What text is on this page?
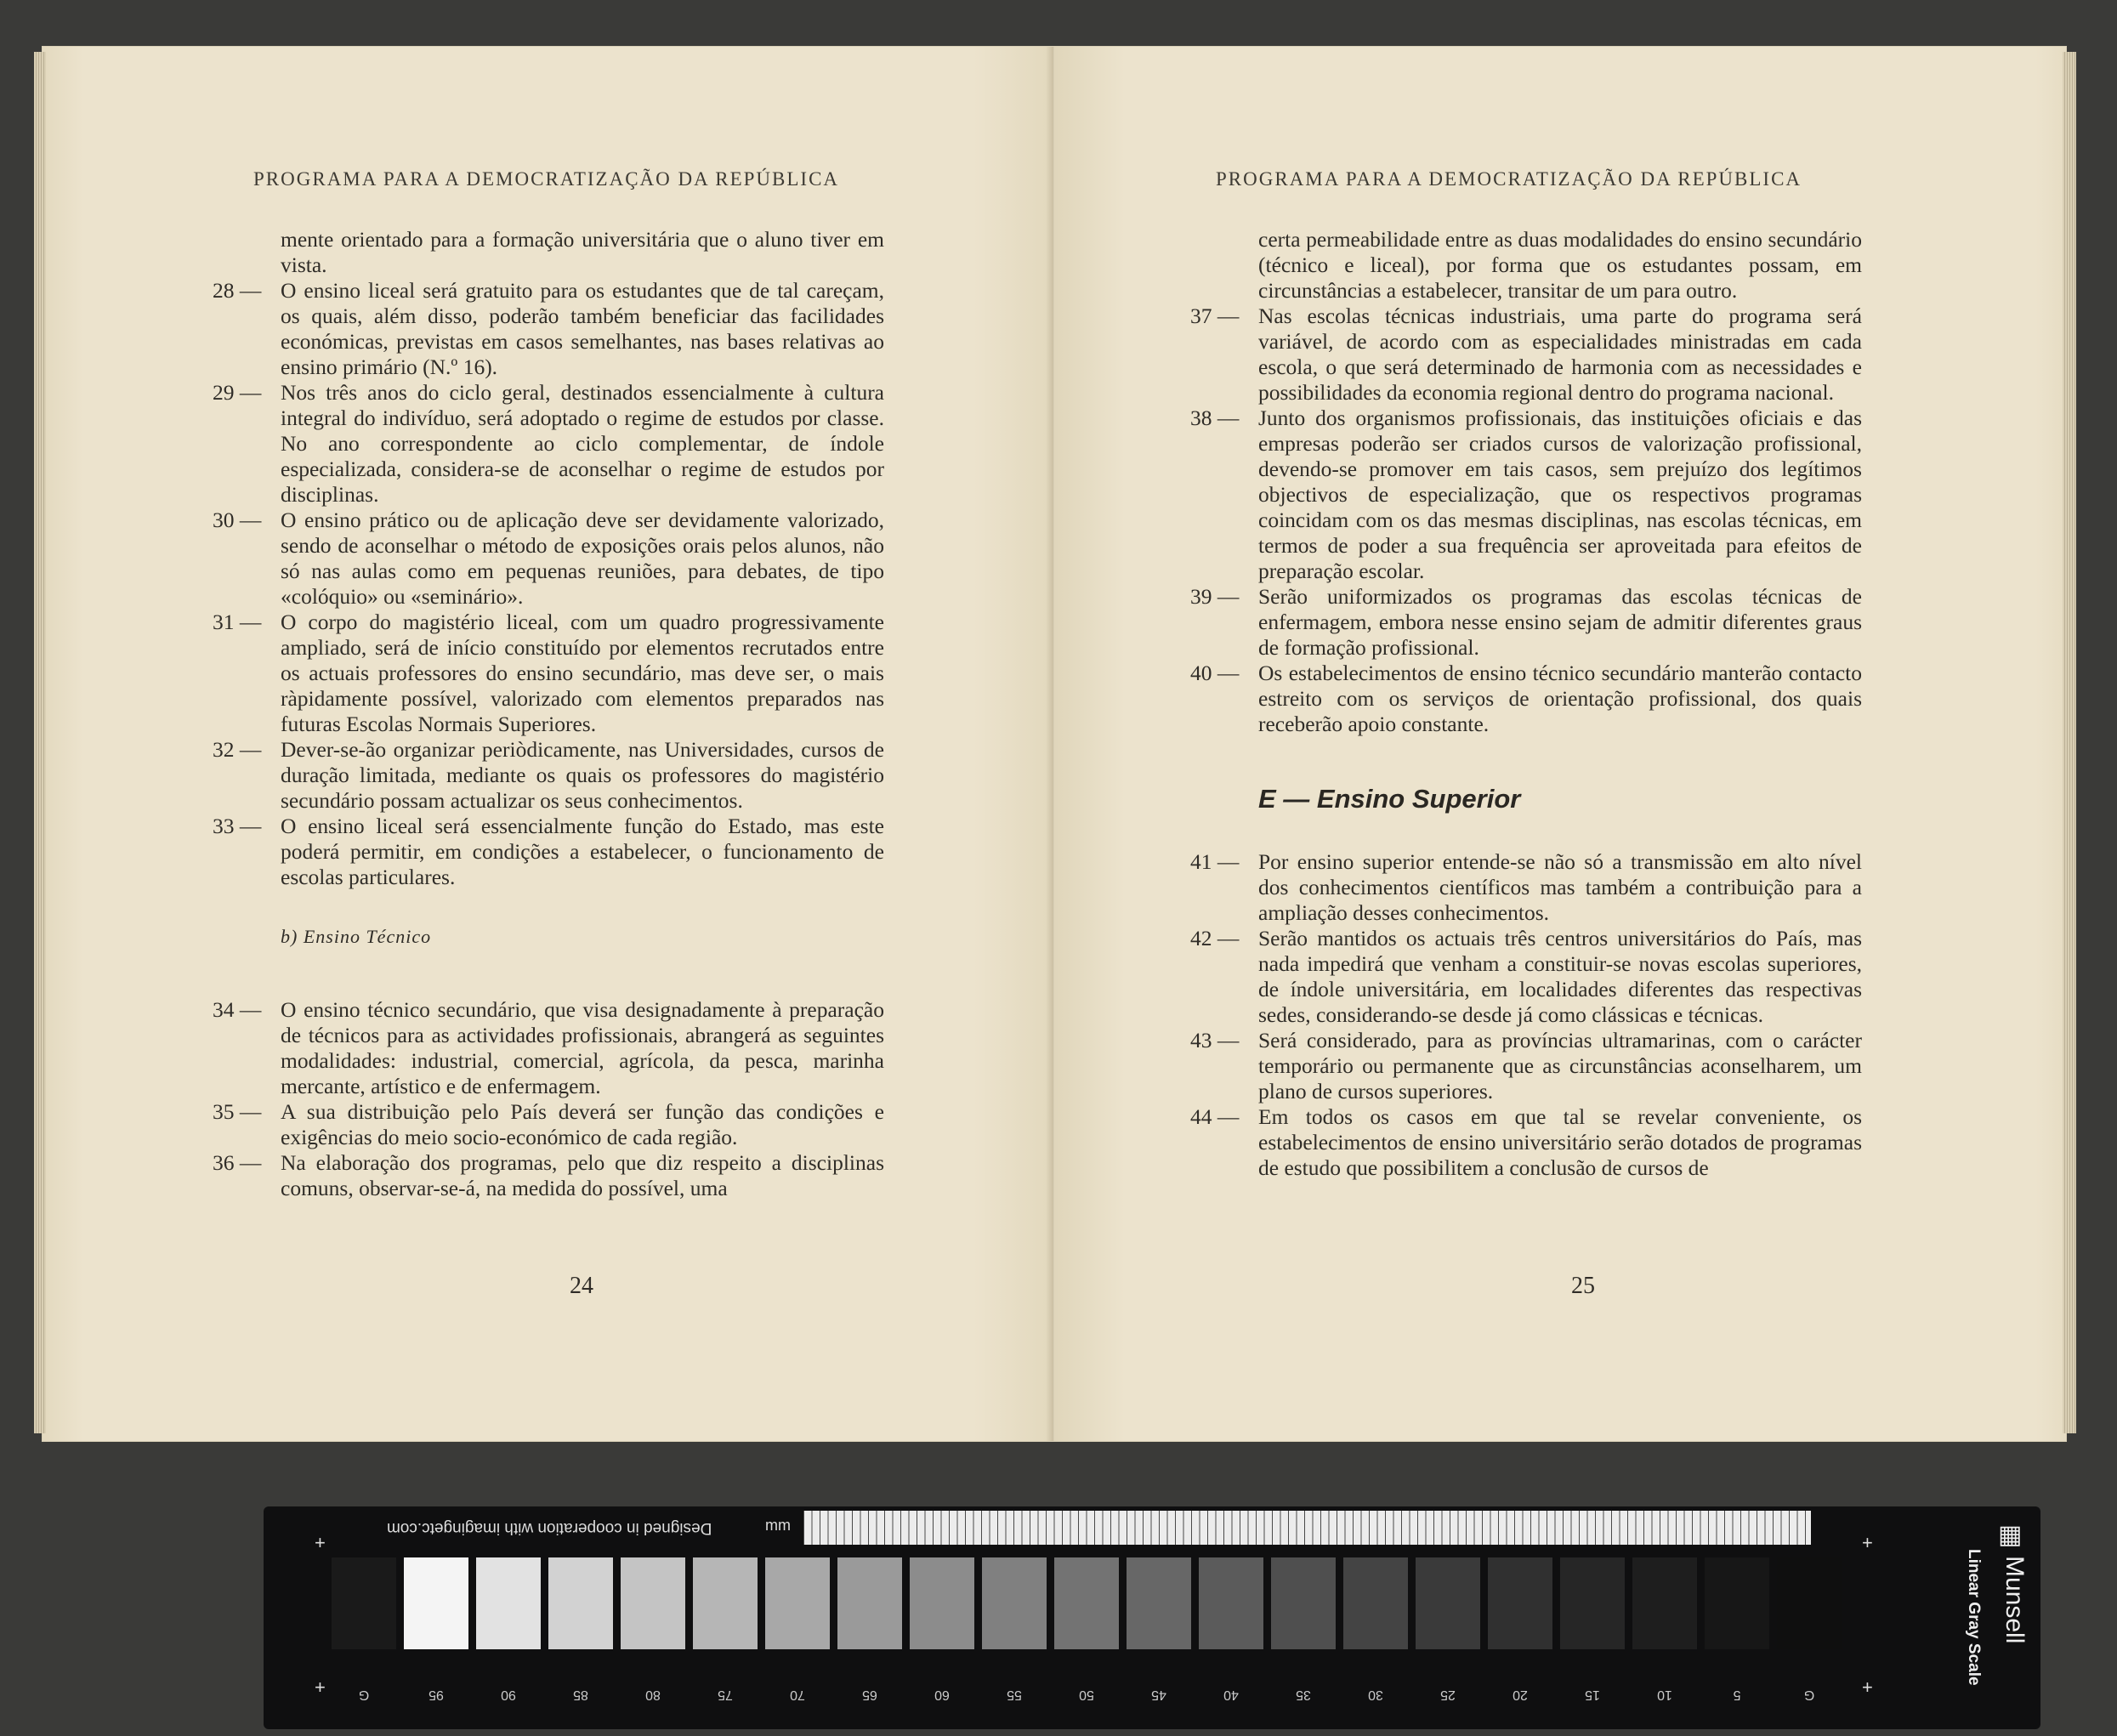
PROGRAMA PARA A DEMOCRATIZAÇÃO DA REPÚBLICA
mente orientado para a formação universitária que o aluno tiver em vista.
28 — O ensino liceal será gratuito para os estudantes que de tal careçam, os quais, além disso, poderão também beneficiar das facilidades económicas, previstas em casos semelhantes, nas bases relativas ao ensino primário (N.º 16).
29 — Nos três anos do ciclo geral, destinados essencialmente à cultura integral do indivíduo, será adoptado o regime de estudos por classe. No ano correspondente ao ciclo complementar, de índole especializada, considera-se de aconselhar o regime de estudos por disciplinas.
30 — O ensino prático ou de aplicação deve ser devidamente valorizado, sendo de aconselhar o método de exposições orais pelos alunos, não só nas aulas como em pequenas reuniões, para debates, de tipo «colóquio» ou «seminário».
31 — O corpo do magistério liceal, com um quadro progressivamente ampliado, será de início constituído por elementos recrutados entre os actuais professores do ensino secundário, mas deve ser, o mais ràpidamente possível, valorizado com elementos preparados nas futuras Escolas Normais Superiores.
32 — Dever-se-ão organizar periòdicamente, nas Universidades, cursos de duração limitada, mediante os quais os professores do magistério secundário possam actualizar os seus conhecimentos.
33 — O ensino liceal será essencialmente função do Estado, mas este poderá permitir, em condições a estabelecer, o funcionamento de escolas particulares.
b) Ensino Técnico
34 — O ensino técnico secundário, que visa designadamente à preparação de técnicos para as actividades profissionais, abrangerá as seguintes modalidades: industrial, comercial, agrícola, da pesca, marinha mercante, artístico e de enfermagem.
35 — A sua distribuição pelo País deverá ser função das condições e exigências do meio socio-económico de cada região.
36 — Na elaboração dos programas, pelo que diz respeito a disciplinas comuns, observar-se-á, na medida do possível, uma
24
PROGRAMA PARA A DEMOCRATIZAÇÃO DA REPÚBLICA
certa permeabilidade entre as duas modalidades do ensino secundário (técnico e liceal), por forma que os estudantes possam, em circunstâncias a estabelecer, transitar de um para outro.
37 — Nas escolas técnicas industriais, uma parte do programa será variável, de acordo com as especialidades ministradas em cada escola, o que será determinado de harmonia com as necessidades e possibilidades da economia regional dentro do programa nacional.
38 — Junto dos organismos profissionais, das instituições oficiais e das empresas poderão ser criados cursos de valorização profissional, devendo-se promover em tais casos, sem prejuízo dos legítimos objectivos de especialização, que os respectivos programas coincidam com os das mesmas disciplinas, nas escolas técnicas, em termos de poder a sua frequência ser aproveitada para efeitos de preparação escolar.
39 — Serão uniformizados os programas das escolas técnicas de enfermagem, embora nesse ensino sejam de admitir diferentes graus de formação profissional.
40 — Os estabelecimentos de ensino técnico secundário manterão contacto estreito com os serviços de orientação profissional, dos quais receberão apoio constante.
E — Ensino Superior
41 — Por ensino superior entende-se não só a transmissão em alto nível dos conhecimentos científicos mas também a contribuição para a ampliação desses conhecimentos.
42 — Serão mantidos os actuais três centros universitários do País, mas nada impedirá que venham a constituir-se novas escolas superiores, de índole universitária, em localidades diferentes das respectivas sedes, considerando-se desde já como clássicas e técnicas.
43 — Será considerado, para as províncias ultramarinas, com o carácter temporário ou permanente que as circunstâncias aconselharem, um plano de cursos superiores.
44 — Em todos os casos em que tal se revelar conveniente, os estabelecimentos de ensino universitário serão dotados de programas de estudo que possibilitem a conclusão de cursos de
25
Designed in cooperation with imagingetc.com	mm
+
+
+
+
G	95	90	85	80	75	70	65	60	55	50	45	40	35	30	25	20	15	10	5	G
▦
Munsell
Linear Gray Scale
